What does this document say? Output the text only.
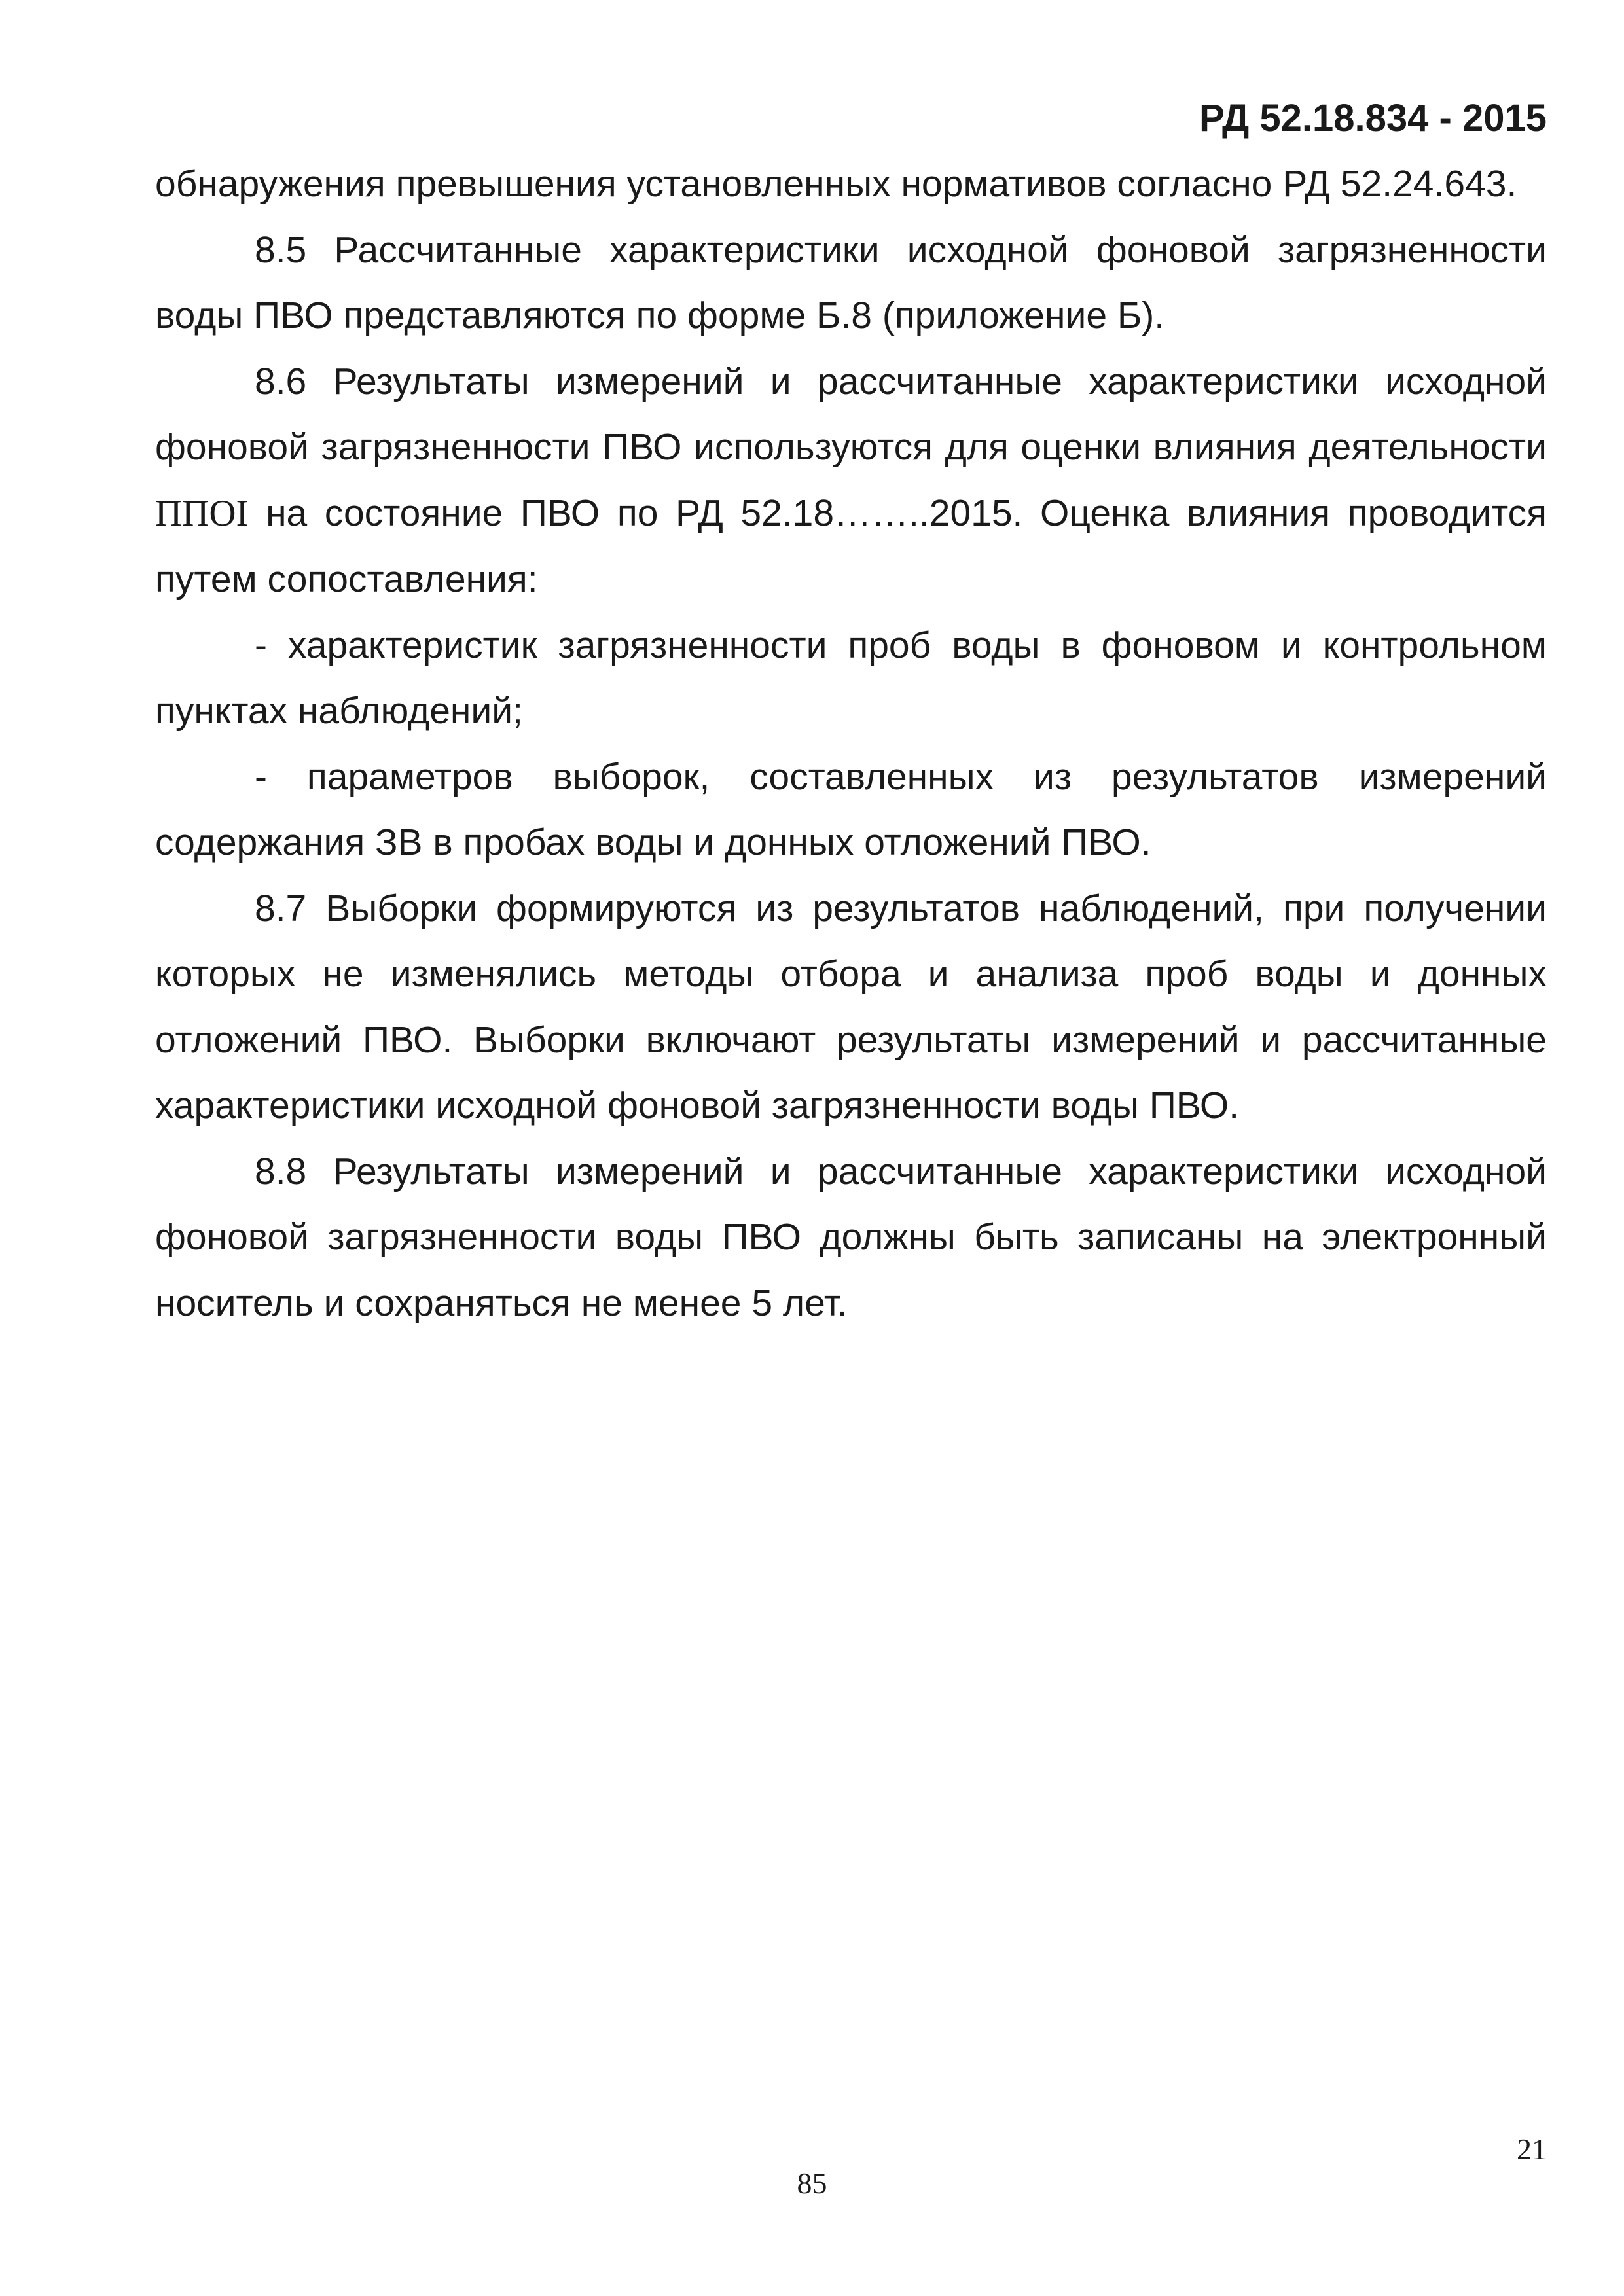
РД 52.18.834 - 2015

обнаружения превышения установленных нормативов согласно РД 52.24.643.

8.5 Рассчитанные характеристики исходной фоновой загрязненности воды ПВО представляются по форме Б.8 (приложение Б).

8.6 Результаты измерений и рассчитанные характеристики исходной фоновой загрязненности ПВО используются для оценки влияния деятельности ППОI на состояние ПВО по РД 52.18……..2015. Оценка влияния проводится путем сопоставления:

- характеристик загрязненности проб воды в фоновом и контрольном пунктах наблюдений;

- параметров выборок, составленных из результатов измерений содержания ЗВ в пробах воды и донных отложений ПВО.

8.7 Выборки формируются из результатов наблюдений, при получении которых не изменялись методы отбора и анализа проб воды и донных отложений ПВО. Выборки включают результаты измерений и рассчитанные характеристики исходной фоновой загрязненности воды ПВО.

8.8 Результаты измерений и рассчитанные характеристики исходной фоновой загрязненности воды ПВО должны быть записаны на электронный носитель и сохраняться не менее 5 лет.

21
85
